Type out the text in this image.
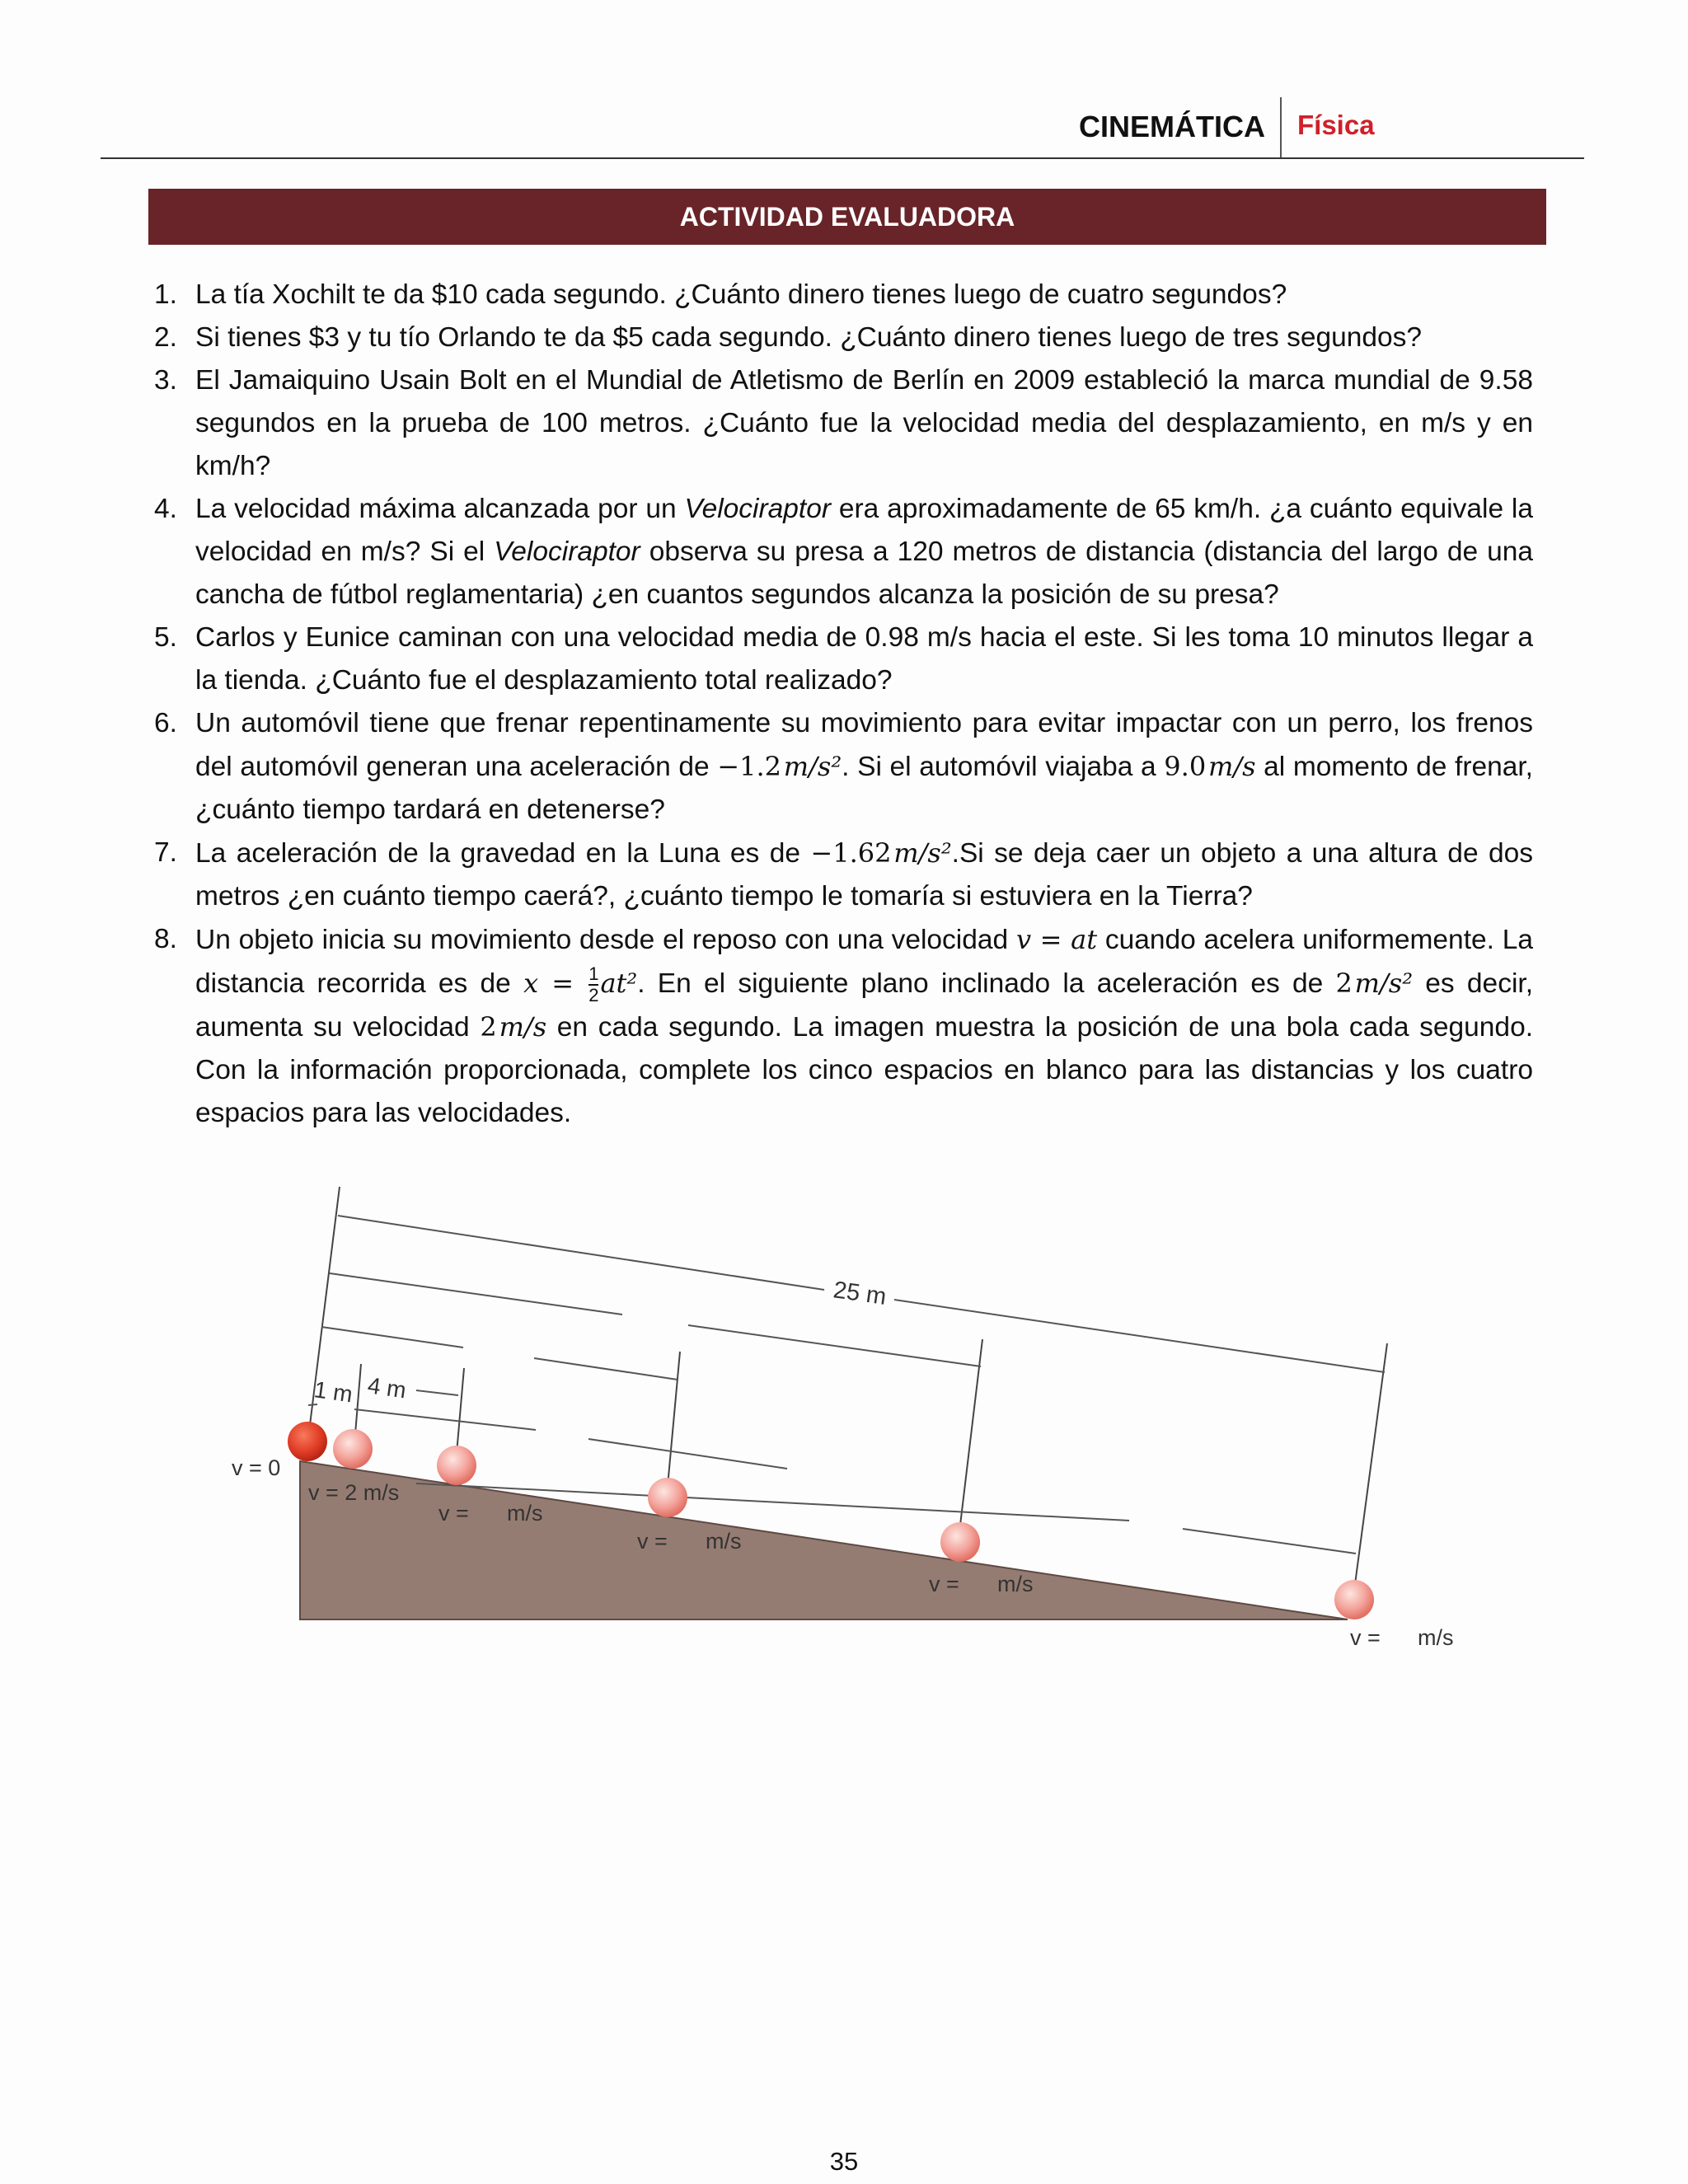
CINEMÁTICA Física
ACTIVIDAD EVALUADORA
1. La tía Xochilt te da $10 cada segundo. ¿Cuánto dinero tienes luego de cuatro segundos?
2. Si tienes $3 y tu tío Orlando te da $5 cada segundo. ¿Cuánto dinero tienes luego de tres segundos?
3. El Jamaiquino Usain Bolt en el Mundial de Atletismo de Berlín en 2009 estableció la marca mundial de 9.58 segundos en la prueba de 100 metros. ¿Cuánto fue la velocidad media del desplazamiento, en m/s y en km/h?
4. La velocidad máxima alcanzada por un Velociraptor era aproximadamente de 65 km/h. ¿a cuánto equivale la velocidad en m/s? Si el Velociraptor observa su presa a 120 metros de distancia (distancia del largo de una cancha de fútbol reglamentaria) ¿en cuantos segundos alcanza la posición de su presa?
5. Carlos y Eunice caminan con una velocidad media de 0.98 m/s hacia el este. Si les toma 10 minutos llegar a la tienda. ¿Cuánto fue el desplazamiento total realizado?
6. Un automóvil tiene que frenar repentinamente su movimiento para evitar impactar con un perro, los frenos del automóvil generan una aceleración de −1.2 m/s². Si el automóvil viajaba a 9.0 m/s al momento de frenar, ¿cuánto tiempo tardará en detenerse?
7. La aceleración de la gravedad en la Luna es de −1.62 m/s².Si se deja caer un objeto a una altura de dos metros ¿en cuánto tiempo caerá?, ¿cuánto tiempo le tomaría si estuviera en la Tierra?
8. Un objeto inicia su movimiento desde el reposo con una velocidad v = at cuando acelera uniformemente. La distancia recorrida es de $x = \frac{1}{2} at^2$. En el siguiente plano inclinado la aceleración es de 2 m/s² es decir, aumenta su velocidad 2 m/s en cada segundo. La imagen muestra la posición de una bola cada segundo. Con la información proporcionada, complete los cinco espacios en blanco para las distancias y los cuatro espacios para las velocidades.
1 m 4 m
25 m
v = 0
v = 2 m/s
v = m/s
v = m/s
v = m/s
v = m/s
35
